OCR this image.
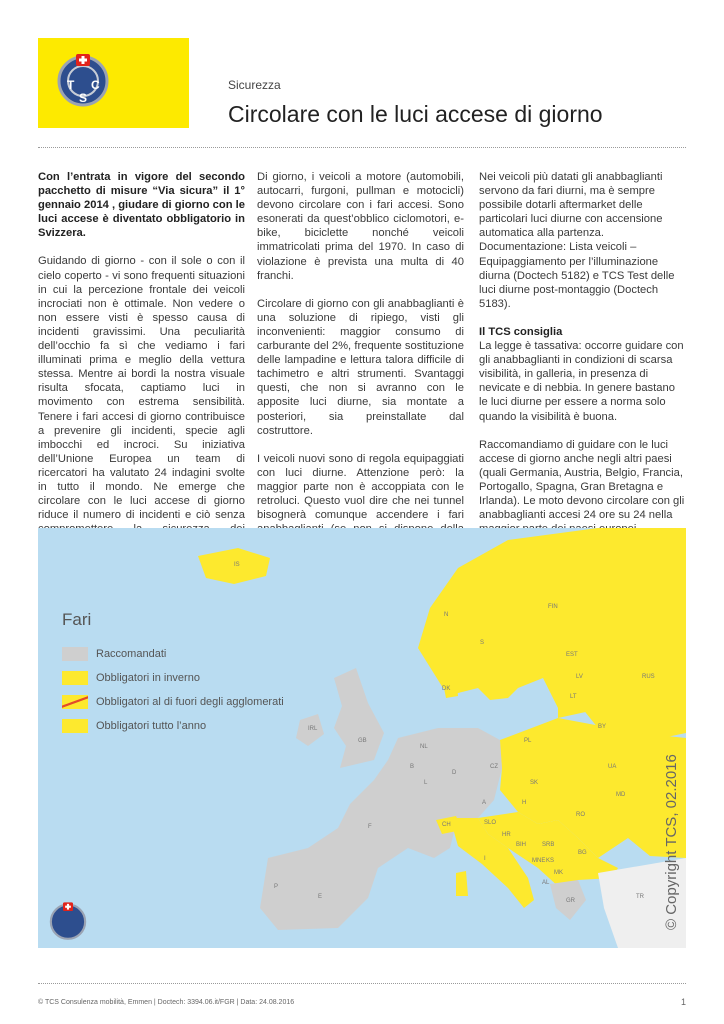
T C
S
Sicurezza
Circolare con le luci accese di giorno

Con l’entrata in vigore del secondo pacchetto di misure “Via sicura” il 1° gennaio 2014 , giudare di giorno con le luci accese è diventato obbligatorio in Svizzera.

Guidando di giorno - con il sole o con il cielo coperto - vi sono frequenti situazioni in cui la percezione frontale dei veicoli incrociati non è ottimale. Non vedere o non essere visti è spesso causa di incidenti gravissimi. Una peculiarità dell’occhio fa sì che vediamo i fari illuminati prima e meglio della vettura stessa. Mentre ai bordi la nostra visuale risulta sfocata, captiamo luci in movimento con estrema sensibilità. Tenere i fari accesi di giorno contribuisce a prevenire gli incidenti, specie agli imbocchi ed incroci. Su iniziativa dell’Unione Europea un team di ricercatori ha valutato 24 indagini svolte in tutto il mondo. Ne emerge che circolare con le luci accese di giorno riduce il numero di incidenti e ciò senza

Di giorno, i veicoli a motore (automobili, autocarri, furgoni, pullman e motocicli) devono circolare con i fari accesi. Sono esonerati da quest’obblico ciclomotori, e-bike, biciclette nonché veicoli immatricolati prima del 1970. In caso di violazione è prevista una multa di 40 franchi.

Circolare di giorno con gli anabbaglianti è una soluzione di ripiego, visti gli inconvenienti: maggior consumo di carburante del 2%, frequente sostituzione delle lampadine e lettura talora difficile di tachimetro e altri strumenti. Svantaggi questi, che non si avranno con le apposite luci diurne, sia montate a posteriori, sia preinstallate dal costruttore.

I veicoli nuovi sono di regola equipaggiati con luci diurne. Attenzione però: la maggior parte non è accoppiata con le retroluci. Questo vuol dire che nei tunnel bisognerà comunque accendere i fari

Nei veicoli più datati gli anabbaglianti servono da fari diurni, ma è sempre possibile dotarli aftermarket delle particolari luci diurne con accensione automatica alla partenza.

Documentazione: Lista veicoli – Equipaggiamento per l’illuminazione diurna (Doctech 5182) e TCS Test delle luci diurne post-montaggio (Doctech 5183).

Il TCS consiglia

La legge è tassativa: occorre guidare con gli anabbaglianti in condizioni di scarsa visibilità, in galleria, in presenza di nevicate e di nebbia. In genere bastano le luci diurne per essere a norma solo quando la visibilità è buona.

Raccomandiamo di guidare con le luci accese di giorno anche negli altri paesi (quali Germania, Austria, Belgio, Francia, Portogallo, Spagna, Gran Bretagna e Irlanda). Le moto devono circolare con gli anabbaglianti accesi 24 ore su 24 nella

IS
N
S
FIN
EST
RUS
LV
LT
DK
IRL
GB
NL
B
L
D
PL
BY
CZ
SK
UA
F	CH
A	H
RO
MD
SLO
HR
BIH	SRB
MNE KS
BG
MK
AL
GR
I
P
E	TR
Fari
Raccomandati
Obbligatori in inverno
Obbligatori al di fuori degli agglomerati
Obbligatori tutto l’anno
© Copyright TCS, 02.2016
© TCS Consulenza mobilità, Emmen | Doctech: 3394.06.it/FGR | Data: 24.08.2016	1
